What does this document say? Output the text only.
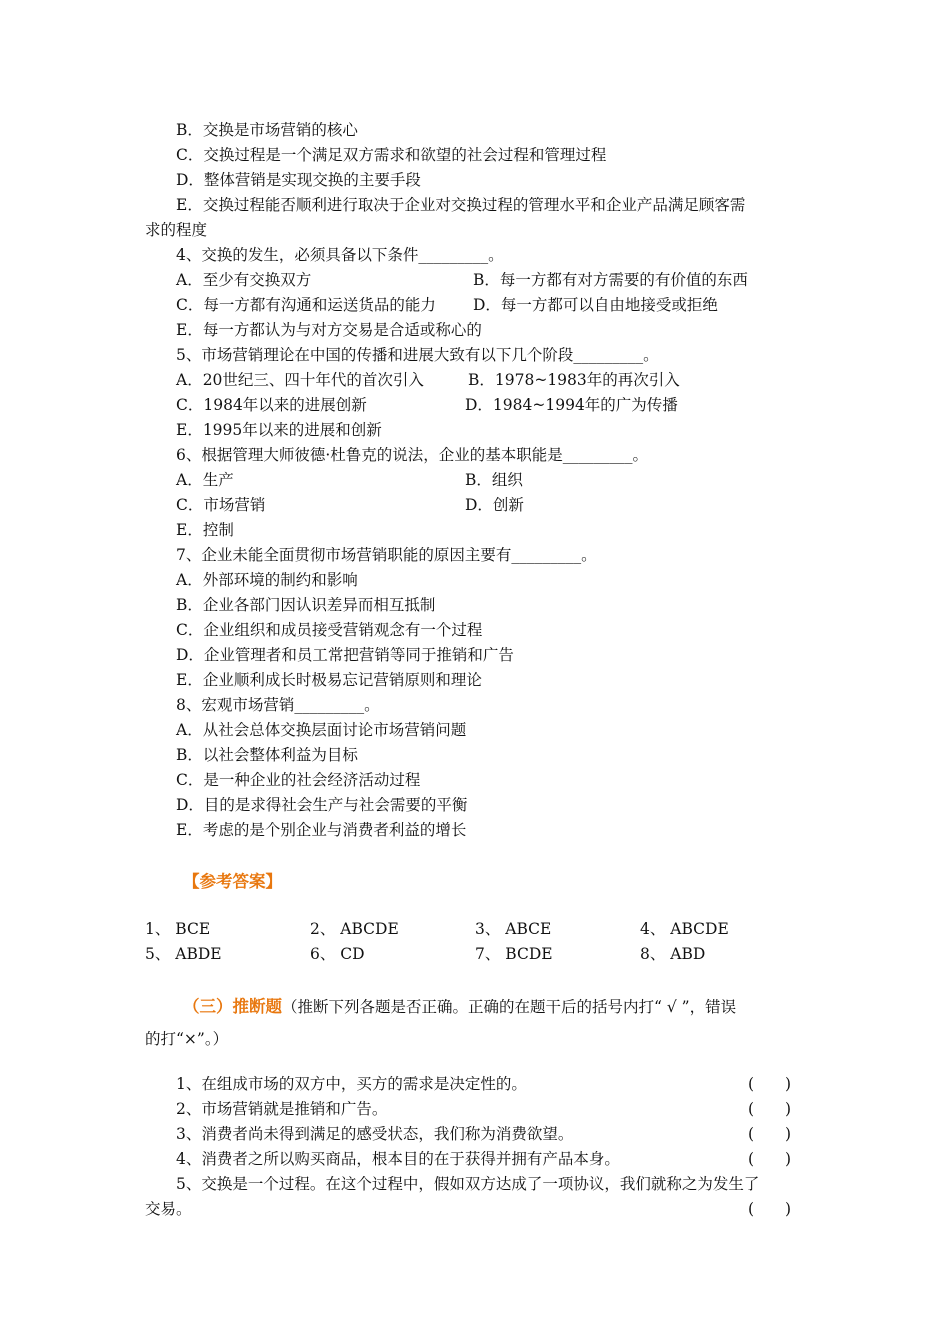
B．交换是市场营销的核心
C．交换过程是一个满足双方需求和欲望的社会过程和管理过程
D．整体营销是实现交换的主要手段
E．交换过程能否顺利进行取决于企业对交换过程的管理水平和企业产品满足顾客需
求的程度
4、交换的发生，必须具备以下条件_________。
A．至少有交换双方	B．每一方都有对方需要的有价值的东西
C．每一方都有沟通和运送货品的能力 D．每一方都可以自由地接受或拒绝
E．每一方都认为与对方交易是合适或称心的
5、市场营销理论在中国的传播和进展大致有以下几个阶段_________。
A．20世纪三、四十年代的首次引入	B．1978~1983年的再次引入
C．1984年以来的进展创新	D．1984~1994年的广为传播
E．1995年以来的进展和创新
6、根据管理大师彼德·杜鲁克的说法，企业的基本职能是_________。
A．生产	B．组织
C．市场营销	D．创新
E．控制
7、企业未能全面贯彻市场营销职能的原因主要有_________。
A．外部环境的制约和影响
B．企业各部门因认识差异而相互抵制
C．企业组织和成员接受营销观念有一个过程
D．企业管理者和员工常把营销等同于推销和广告
E．企业顺利成长时极易忘记营销原则和理论
8、宏观市场营销_________。
A．从社会总体交换层面讨论市场营销问题
B．以社会整体利益为目标
C．是一种企业的社会经济活动过程
D．目的是求得社会生产与社会需要的平衡
E．考虑的是个别企业与消费者利益的增长
【参考答案】
1、 BCE	2、 ABCDE	3、 ABCE	4、 ABCDE
5、 ABDE	6、 CD	7、 BCDE	8、 ABD
（三）推断题（推断下列各题是否正确。正确的在题干后的括号内打“ √ ”，错误
的打“×”。）
1、在组成市场的双方中，买方的需求是决定性的。	(　　)
2、市场营销就是推销和广告。	(　　)
3、消费者尚未得到满足的感受状态，我们称为消费欲望。	(　　)
4、消费者之所以购买商品，根本目的在于获得并拥有产品本身。	(　　)
5、交换是一个过程。在这个过程中，假如双方达成了一项协议，我们就称之为发生了
交易。	(　　)
